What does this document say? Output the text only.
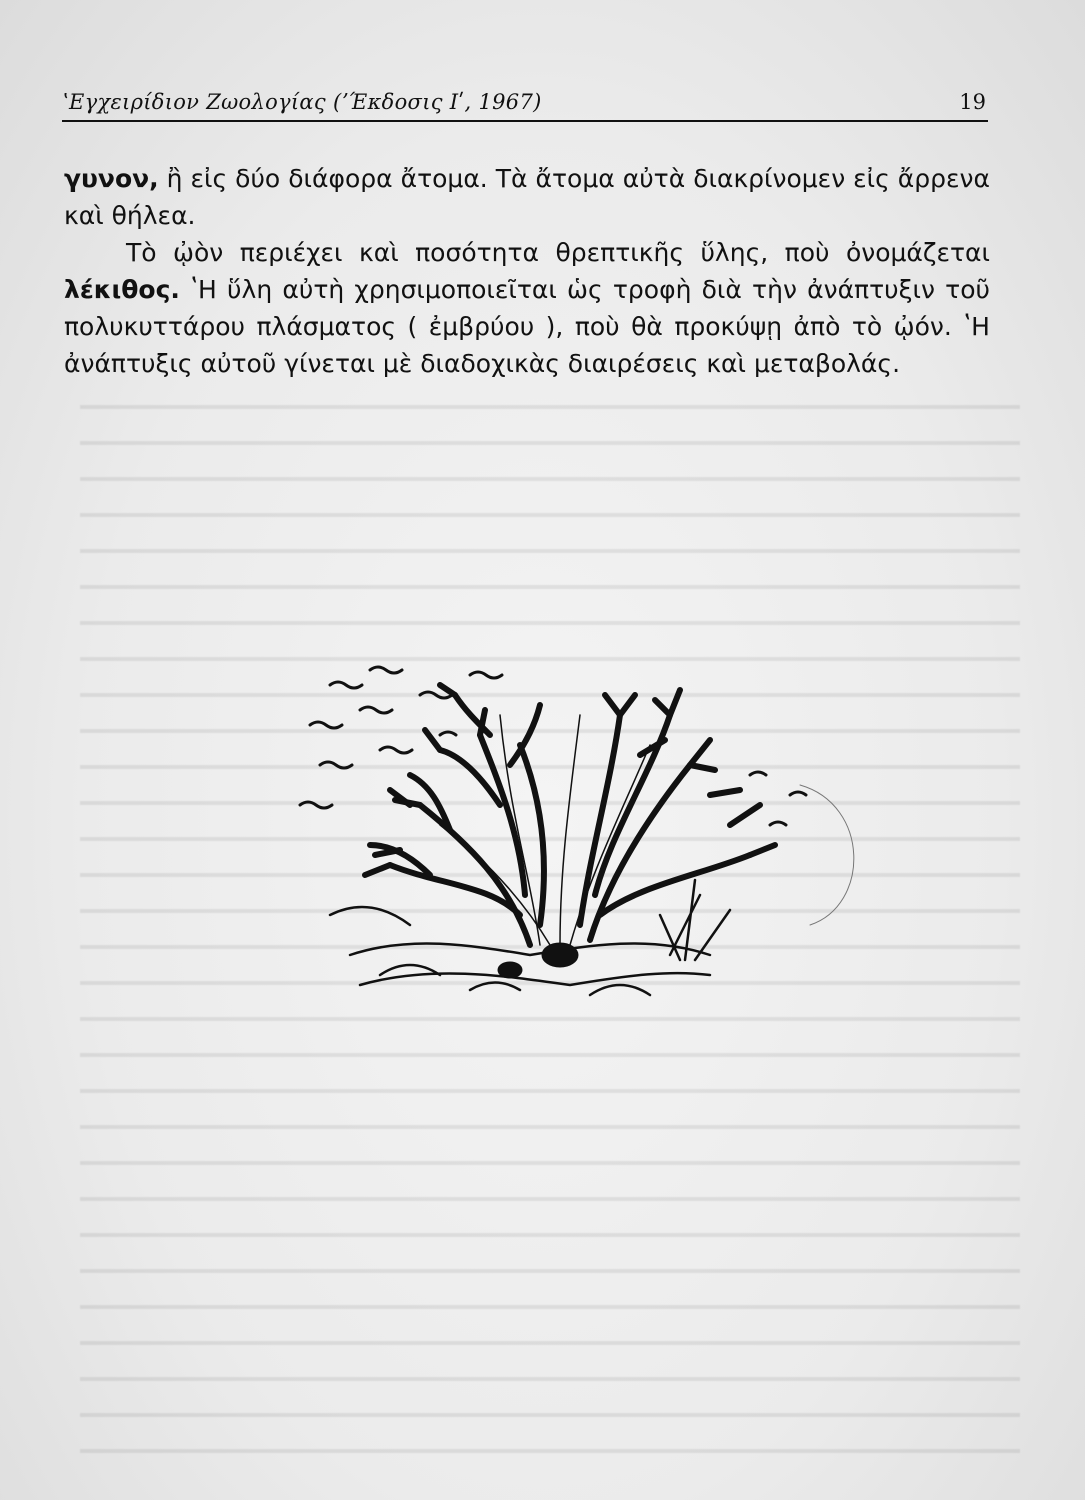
ʽΕγχειρίδιον Ζωολογίας (ʼΈκδοσις Ιʹ, 1967)	19

γυνον, ἢ εἰς δύο διάφορα ἄτομα. Τὰ ἄτομα αὐτὰ διακρίνομεν εἰς ἄρρενα καὶ θήλεα.

Τὸ ᾠὸν περιέχει καὶ ποσότητα θρεπτικῆς ὕλης, ποὺ ὀνομάζεται λέκιθος. ʽΗ ὕλη αὐτὴ χρησιμοποιεῖται ὡς τροφὴ διὰ τὴν ἀνάπτυξιν τοῦ πολυκυττάρου πλάσματος ( ἐμβρύου ), ποὺ θὰ προκύψῃ ἀπὸ τὸ ᾠόν. ʽΗ ἀνάπτυξις αὐτοῦ γίνεται μὲ διαδοχικὰς διαιρέσεις καὶ μεταβολάς.
